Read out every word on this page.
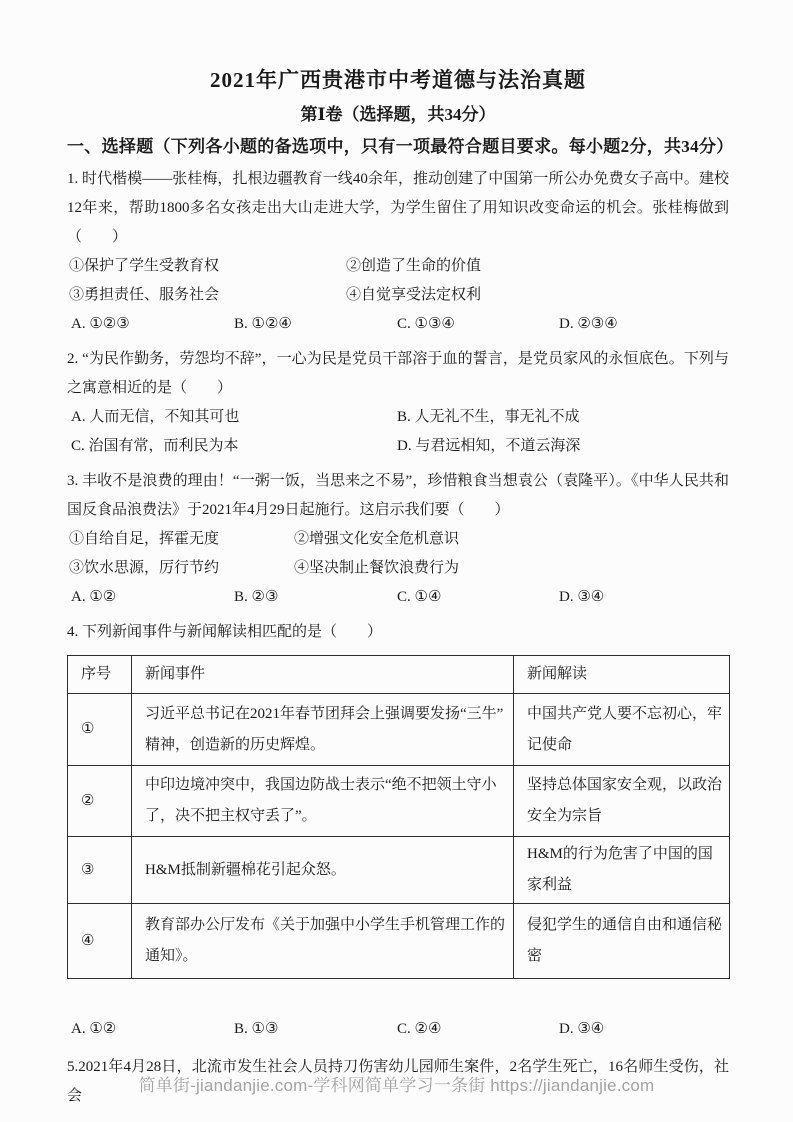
2021年广西贵港市中考道德与法治真题
第Ⅰ卷（选择题，共34分）
一、选择题（下列各小题的备选项中，只有一项最符合题目要求。每小题2分，共34分）

1. 时代楷模——张桂梅，扎根边疆教育一线40余年，推动创建了中国第一所公办免费女子高中。建校12年来，帮助1800多名女孩走出大山走进大学，为学生留住了用知识改变命运的机会。张桂梅做到（　　）

①保护了学生受教育权	②创造了生命的价值
③勇担责任、服务社会	④自觉享受法定权利
A. ①②③	B. ①②④	C. ①③④	D. ②③④

2. “为民作勤务，劳怨均不辞”，一心为民是党员干部溶于血的誓言，是党员家风的永恒底色。下列与之寓意相近的是（　　）

A. 人而无信，不知其可也	B. 人无礼不生，事无礼不成
C. 治国有常，而利民为本	D. 与君远相知，不道云海深

3. 丰收不是浪费的理由！“一粥一饭，当思来之不易”，珍惜粮食当想袁公（袁隆平）。《中华人民共和国反食品浪费法》于2021年4月29日起施行。这启示我们要（　　）

①自给自足，挥霍无度	②增强文化安全危机意识
③饮水思源，厉行节约	④坚决制止餐饮浪费行为
A. ①②	B. ②③	C. ①④	D. ③④

4. 下列新闻事件与新闻解读相匹配的是（　　）

序号	新闻事件	新闻解读
①	习近平总书记在2021年春节团拜会上强调要发扬“三牛”精神，创造新的历史辉煌。	中国共产党人要不忘初心，牢记使命
②	中印边境冲突中，我国边防战士表示“绝不把领土守小了，决不把主权守丢了”。	坚持总体国家安全观，以政治安全为宗旨
③	H&M抵制新疆棉花引起众怒。	H&M的行为危害了中国的国家利益
④	教育部办公厅发布《关于加强中小学生手机管理工作的通知》。	侵犯学生的通信自由和通信秘密
A. ①②	B. ①③	C. ②④	D. ③④

5.2021年4月28日，北流市发生社会人员持刀伤害幼儿园师生案件，2名学生死亡，16名师生受伤，社会

简单街-jiandanjie.com-学科网简单学习一条街 https://jiandanjie.com
